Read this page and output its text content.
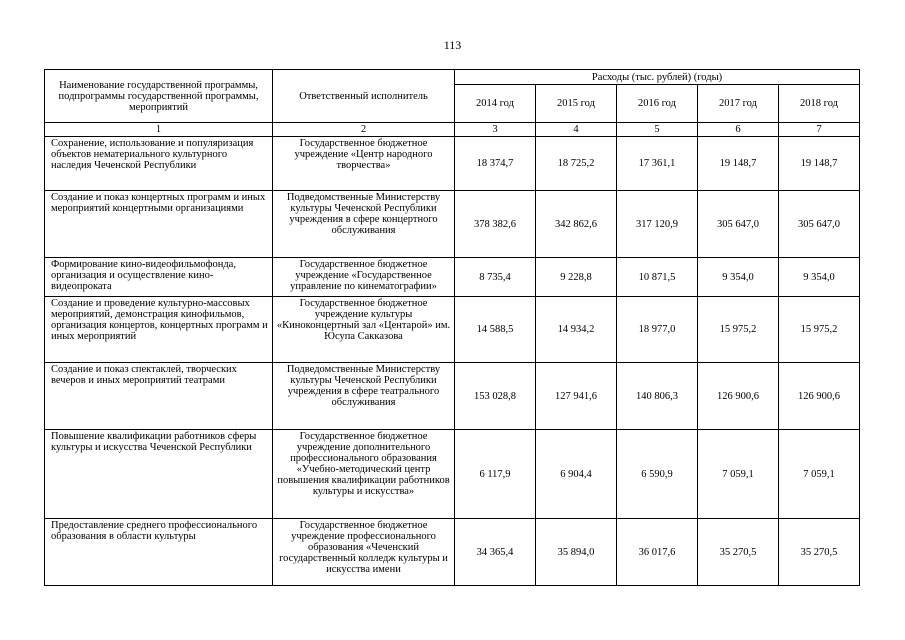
113
Наименование государственной программы, подпрограммы государственной программы, мероприятий	Ответственный исполнитель	Расходы (тыс. рублей) (годы)				
		2014 год	2015 год	2016 год	2017 год	2018 год
1	2	3	4	5	6	7
Сохранение, использование и популяризация объектов нематериального культурного наследия Чеченской Республики	Государственное бюджетное учреждение «Центр народного творчества»	18 374,7	18 725,2	17 361,1	19 148,7	19 148,7
Создание и показ концертных программ и иных мероприятий концертными организациями	Подведомственные Министерству культуры Чеченской Республики учреждения в сфере концертного обслуживания	378 382,6	342 862,6	317 120,9	305 647,0	305 647,0
Формирование кино-видеофильмофонда, организация и осуществление кино-видеопроката	Государственное бюджетное учреждение «Государственное управление по кинематографии»	8 735,4	9 228,8	10 871,5	9 354,0	9 354,0
Создание и проведение культурно-массовых мероприятий, демонстрация кинофильмов, организация концертов, концертных программ и иных мероприятий	Государственное бюджетное учреждение культуры «Киноконцертный зал «Центарой» им. Юсупа Сакказова	14 588,5	14 934,2	18 977,0	15 975,2	15 975,2
Создание и показ спектаклей, творческих вечеров и иных мероприятий театрами	Подведомственные Министерству культуры Чеченской Республики учреждения в сфере театрального обслуживания	153 028,8	127 941,6	140 806,3	126 900,6	126 900,6
Повышение квалификации работников сферы культуры и искусства Чеченской Республики	Государственное бюджетное учреждение дополнительного профессионального образования «Учебно-методический центр повышения квалификации работников культуры и искусства»	6 117,9	6 904,4	6 590,9	7 059,1	7 059,1
Предоставление среднего профессионального образования в области культуры	Государственное бюджетное учреждение профессионального образования «Чеченский государственный колледж культуры и искусства имени	34 365,4	35 894,0	36 017,6	35 270,5	35 270,5
